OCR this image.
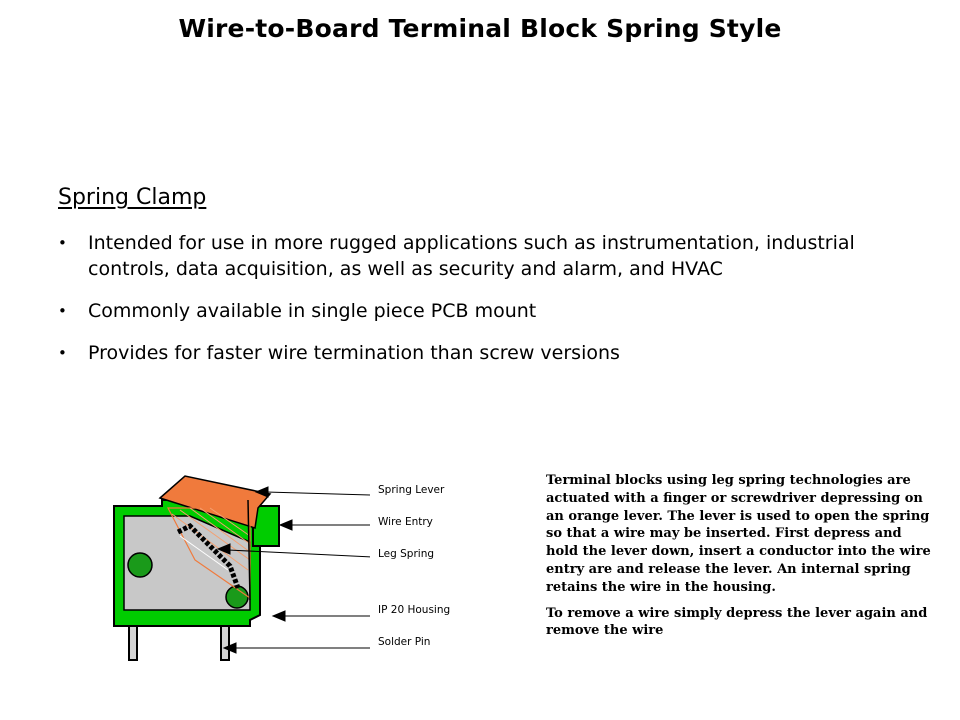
Wire-to-Board Terminal Block Spring Style
Spring Clamp
• Intended for use in more rugged applications such as instrumentation, industrial controls, data acquisition, as well as security and alarm, and HVAC
• Commonly available in single piece PCB mount
• Provides for faster wire termination than screw versions
Spring Lever
Wire Entry
Leg Spring
IP 20 Housing
Solder Pin

Terminal blocks using leg spring technologies are actuated with a finger or screwdriver depressing on an orange lever. The lever is used to open the spring so that a wire may be inserted. First depress and hold the lever down, insert a conductor into the wire entry are and release the lever. An internal spring retains the wire in the housing.

To remove a wire simply depress the lever again and remove the wire
